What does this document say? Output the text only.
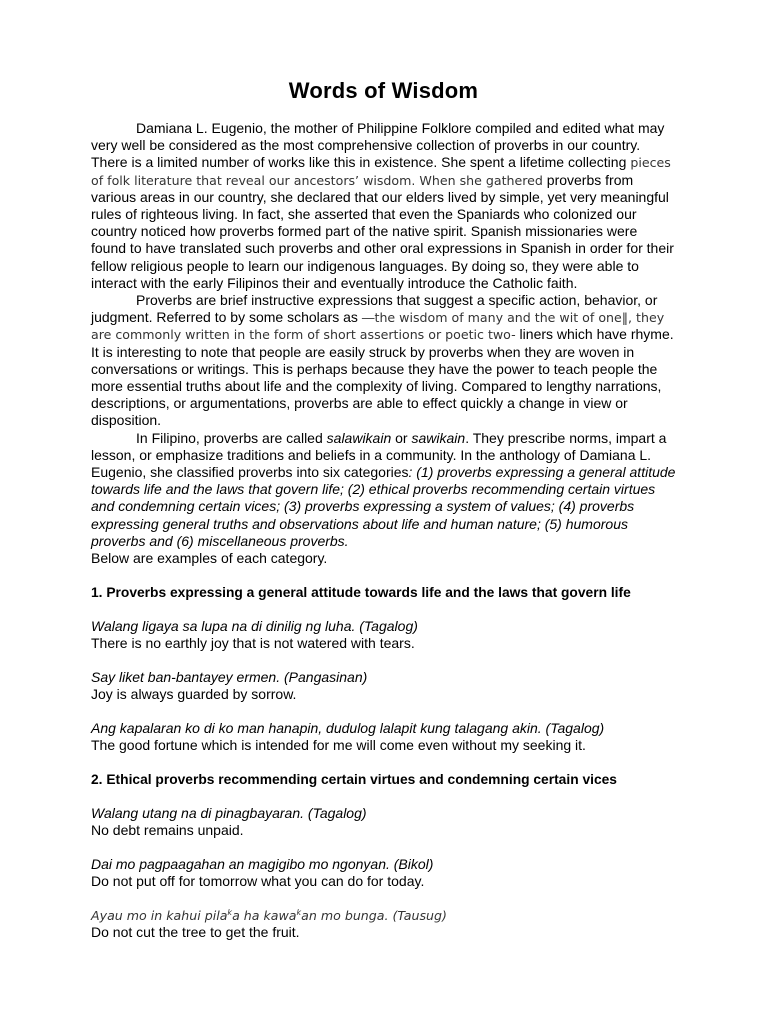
Words of Wisdom

Damiana L. Eugenio, the mother of Philippine Folklore compiled and edited what may very well be considered as the most comprehensive collection of proverbs in our country. There is a limited number of works like this in existence. She spent a lifetime collecting pieces of folk literature that reveal our ancestors’ wisdom. When she gathered proverbs from various areas in our country, she declared that our elders lived by simple, yet very meaningful rules of righteous living. In fact, she asserted that even the Spaniards who colonized our country noticed how proverbs formed part of the native spirit. Spanish missionaries were found to have translated such proverbs and other oral expressions in Spanish in order for their fellow religious people to learn our indigenous languages. By doing so, they were able to interact with the early Filipinos their and eventually introduce the Catholic faith.

Proverbs are brief instructive expressions that suggest a specific action, behavior, or judgment. Referred to by some scholars as ―the wisdom of many and the wit of one‖, they are commonly written in the form of short assertions or poetic two- liners which have rhyme. It is interesting to note that people are easily struck by proverbs when they are woven in conversations or writings. This is perhaps because they have the power to teach people the more essential truths about life and the complexity of living. Compared to lengthy narrations, descriptions, or argumentations, proverbs are able to effect quickly a change in view or disposition.

In Filipino, proverbs are called salawikain or sawikain. They prescribe norms, impart a lesson, or emphasize traditions and beliefs in a community. In the anthology of Damiana L. Eugenio, she classified proverbs into six categories: (1) proverbs expressing a general attitude towards life and the laws that govern life; (2) ethical proverbs recommending certain virtues and condemning certain vices; (3) proverbs expressing a system of values; (4) proverbs expressing general truths and observations about life and human nature; (5) humorous proverbs and (6) miscellaneous proverbs.

Below are examples of each category.

1. Proverbs expressing a general attitude towards life and the laws that govern life
Walang ligaya sa lupa na di dinilig ng luha. (Tagalog)
There is no earthly joy that is not watered with tears.
Say liket ban-bantayey ermen. (Pangasinan)
Joy is always guarded by sorrow.
Ang kapalaran ko di ko man hanapin, dudulog lalapit kung talagang akin. (Tagalog)
The good fortune which is intended for me will come even without my seeking it.
2. Ethical proverbs recommending certain virtues and condemning certain vices
Walang utang na di pinagbayaran. (Tagalog)
No debt remains unpaid.
Dai mo pagpaagahan an magigibo mo ngonyan. (Bikol)
Do not put off for tomorrow what you can do for today.
Ayau mo in kahui pila$^k$a ha kawa$^k$an mo bunga. (Tausug)
Do not cut the tree to get the fruit.
